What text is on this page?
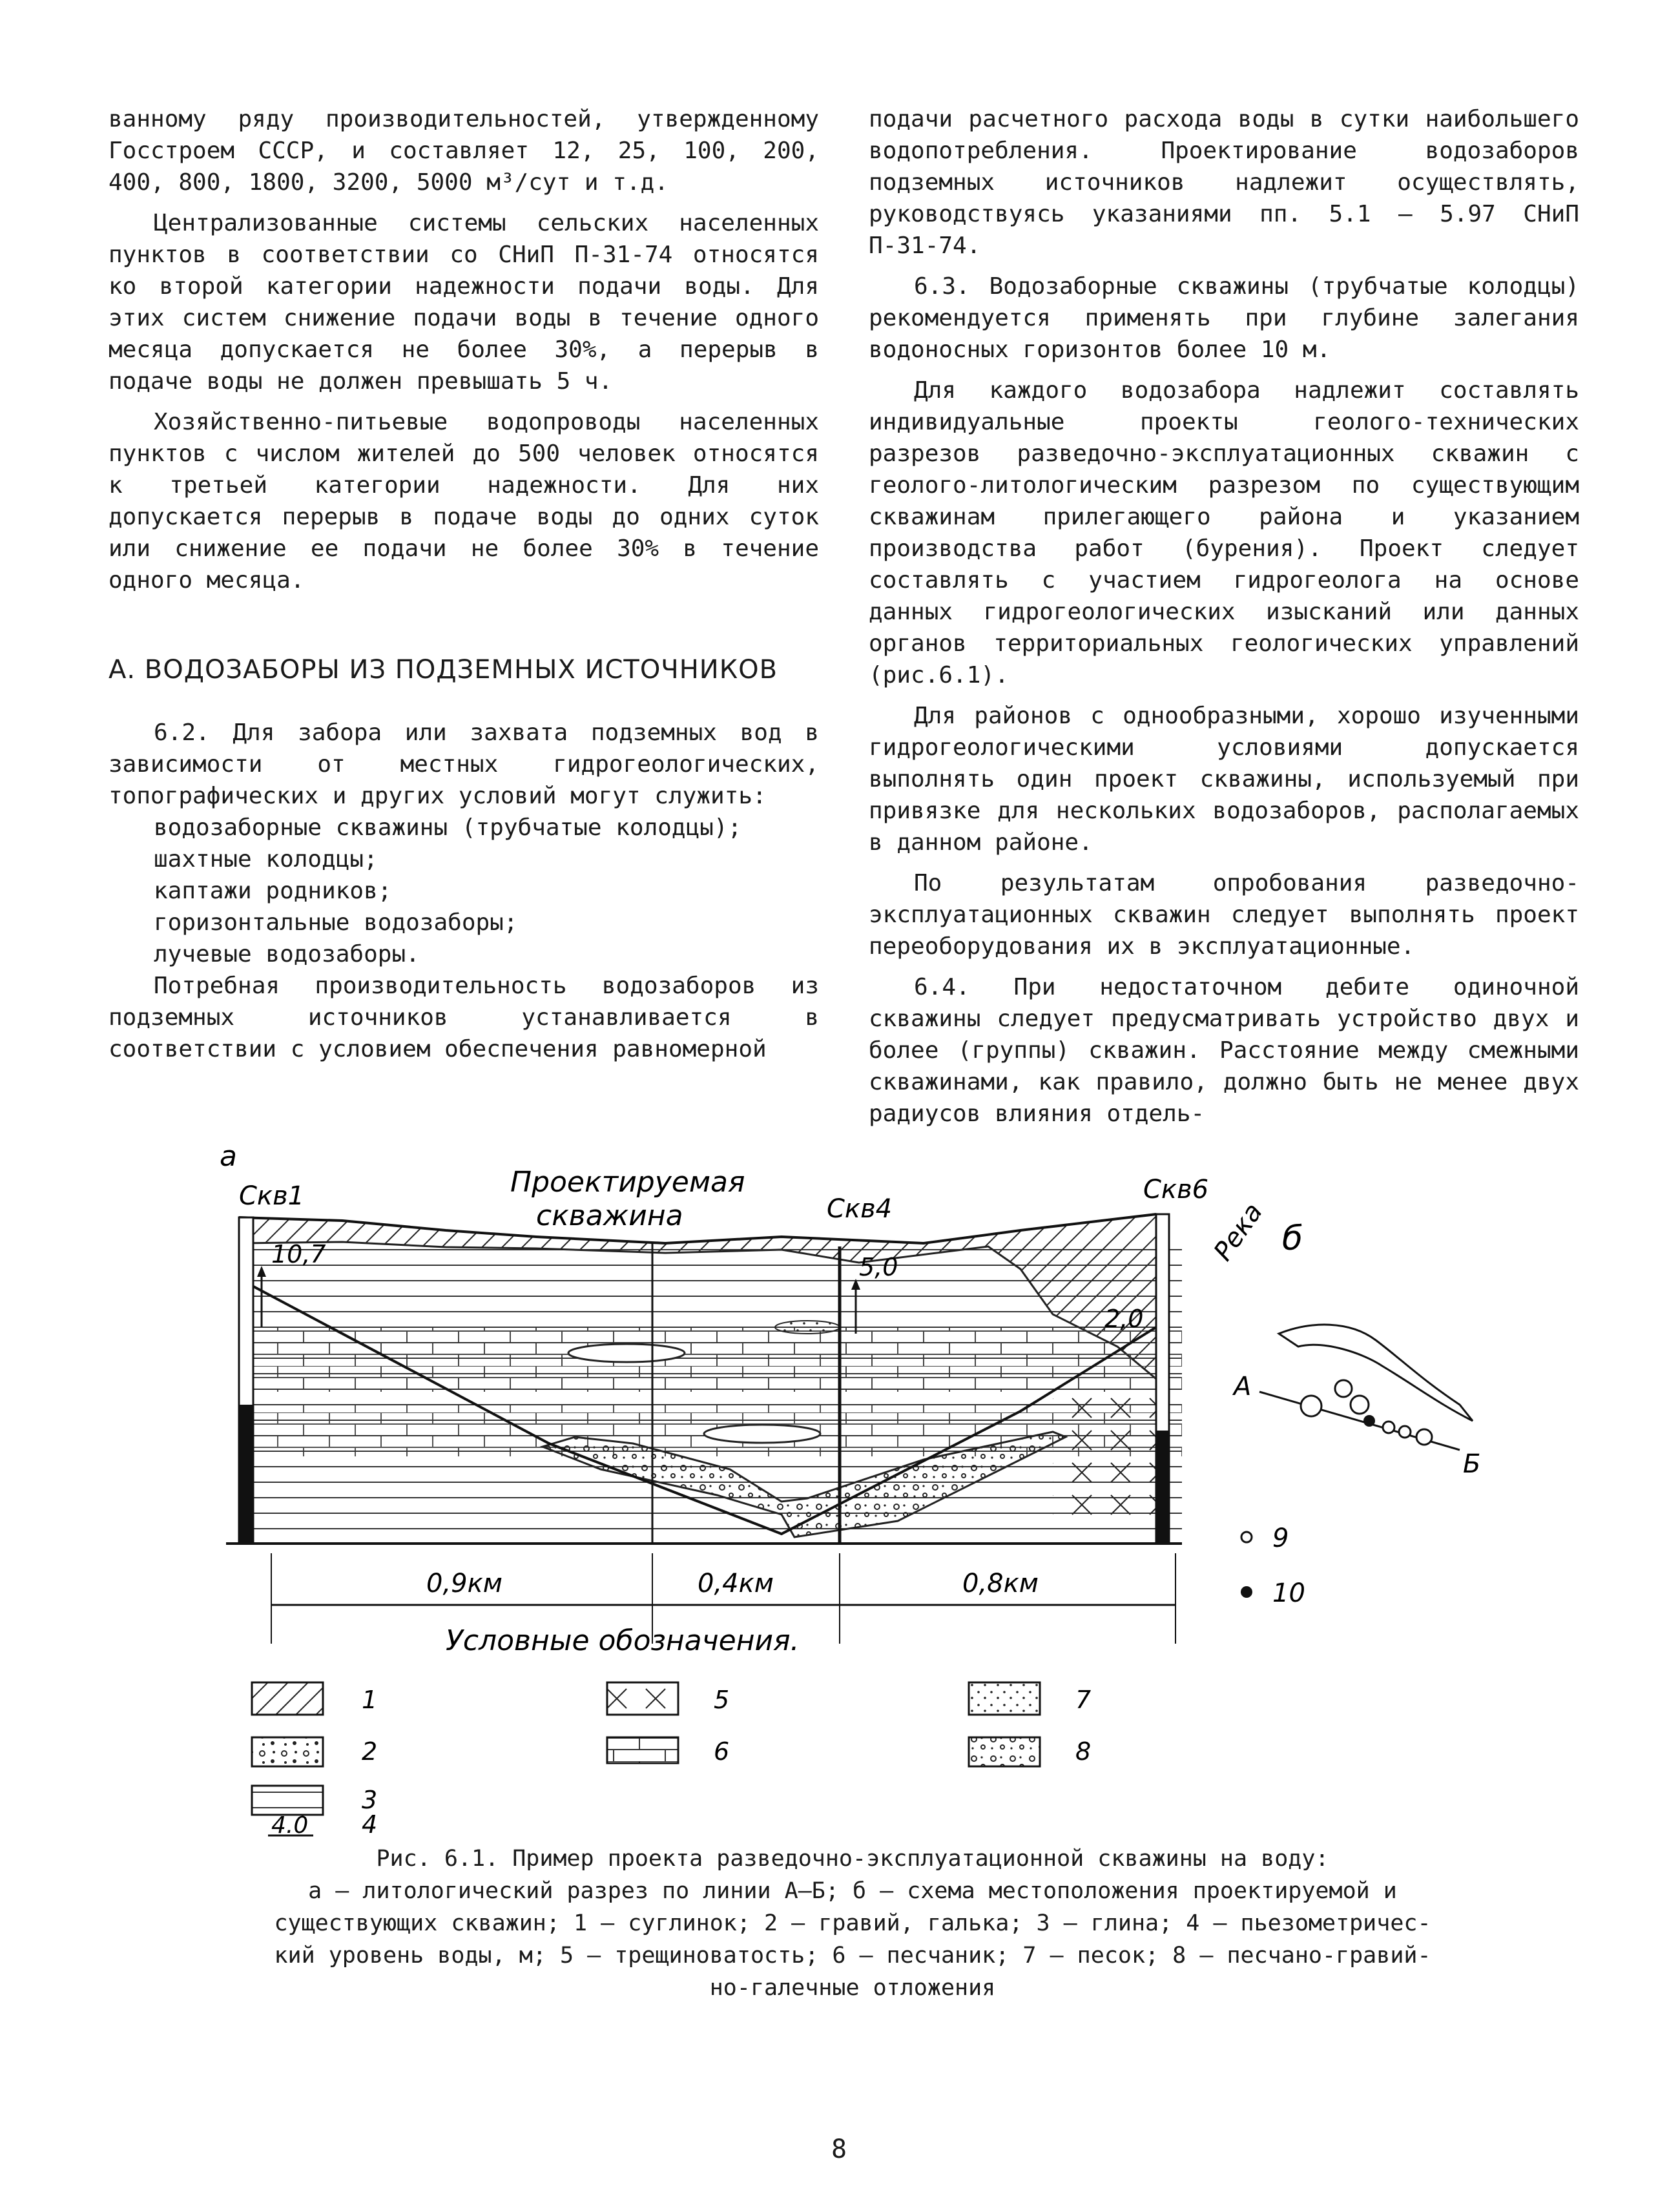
ванному ряду производительностей, утвержденному Госстроем СССР, и составляет 12, 25, 100, 200, 400, 800, 1800, 3200, 5000 м³/сут и т.д.

Централизованные системы сельских населенных пунктов в соответствии со СНиП П-31-74 относятся ко второй категории надежности подачи воды. Для этих систем снижение подачи воды в течение одного месяца допускается не более 30%, а перерыв в подаче воды не должен превышать 5 ч.

Хозяйственно-питьевые водопроводы населенных пунктов с числом жителей до 500 человек относятся к третьей категории надежности. Для них допускается перерыв в подаче воды до одних суток или снижение ее подачи не более 30% в течение одного месяца.

А. ВОДОЗАБОРЫ ИЗ ПОДЗЕМНЫХ ИСТОЧНИКОВ

6.2. Для забора или захвата подземных вод в зависимости от местных гидрогеологических, топографических и других условий могут служить:

водозаборные скважины (трубчатые колодцы);

шахтные колодцы;

каптажи родников;

горизонтальные водозаборы;

лучевые водозаборы.

Потребная производительность водозаборов из подземных источников устанавливается в соответствии с условием обеспечения равномерной

подачи расчетного расхода воды в сутки наибольшего водопотребления. Проектирование водозаборов подземных источников надлежит осуществлять, руководствуясь указаниями пп. 5.1 – 5.97 СНиП П-31-74.

6.3. Водозаборные скважины (трубчатые колодцы) рекомендуется применять при глубине залегания водоносных горизонтов более 10 м.

Для каждого водозабора надлежит составлять индивидуальные проекты геолого-технических разрезов разведочно-эксплуатационных скважин с геолого-литологическим разрезом по существующим скважинам прилегающего района и указанием производства работ (бурения). Проект следует составлять с участием гидрогеолога на основе данных гидрогеологических изысканий или данных органов территориальных геологических управлений (рис.6.1).

Для районов с однообразными, хорошо изученными гидрогеологическими условиями допускается выполнять один проект скважины, используемый при привязке для нескольких водозаборов, располагаемых в данном районе.

По результатам опробования разведочно-эксплуатационных скважин следует выполнять проект переоборудования их в эксплуатационные.

6.4. При недостаточном дебите одиночной скважины следует предусматривать устройство двух и более (группы) скважин. Расстояние между смежными скважинами, как правило, должно быть не менее двух радиусов влияния отдель-

а
Проектируемая
скважина
Скв1
10,7
Скв4
5,0
Скв6
2,0
0,9км	0,4км	0,8км
б
Река
А
Б
9
10
Условные обозначения.
1
2
3
5
6
7
8
4.0 4
Рис. 6.1. Пример проекта разведочно-эксплуатационной скважины на воду:
а – литологический разрез по линии А–Б; б – схема местоположения проектируемой и
существующих скважин; 1 – суглинок; 2 – гравий, галька; 3 – глина; 4 – пьезометричес-
кий уровень воды, м; 5 – трещиноватость; 6 – песчаник; 7 – песок; 8 – песчано-гравий-
но-галечные отложения
8
